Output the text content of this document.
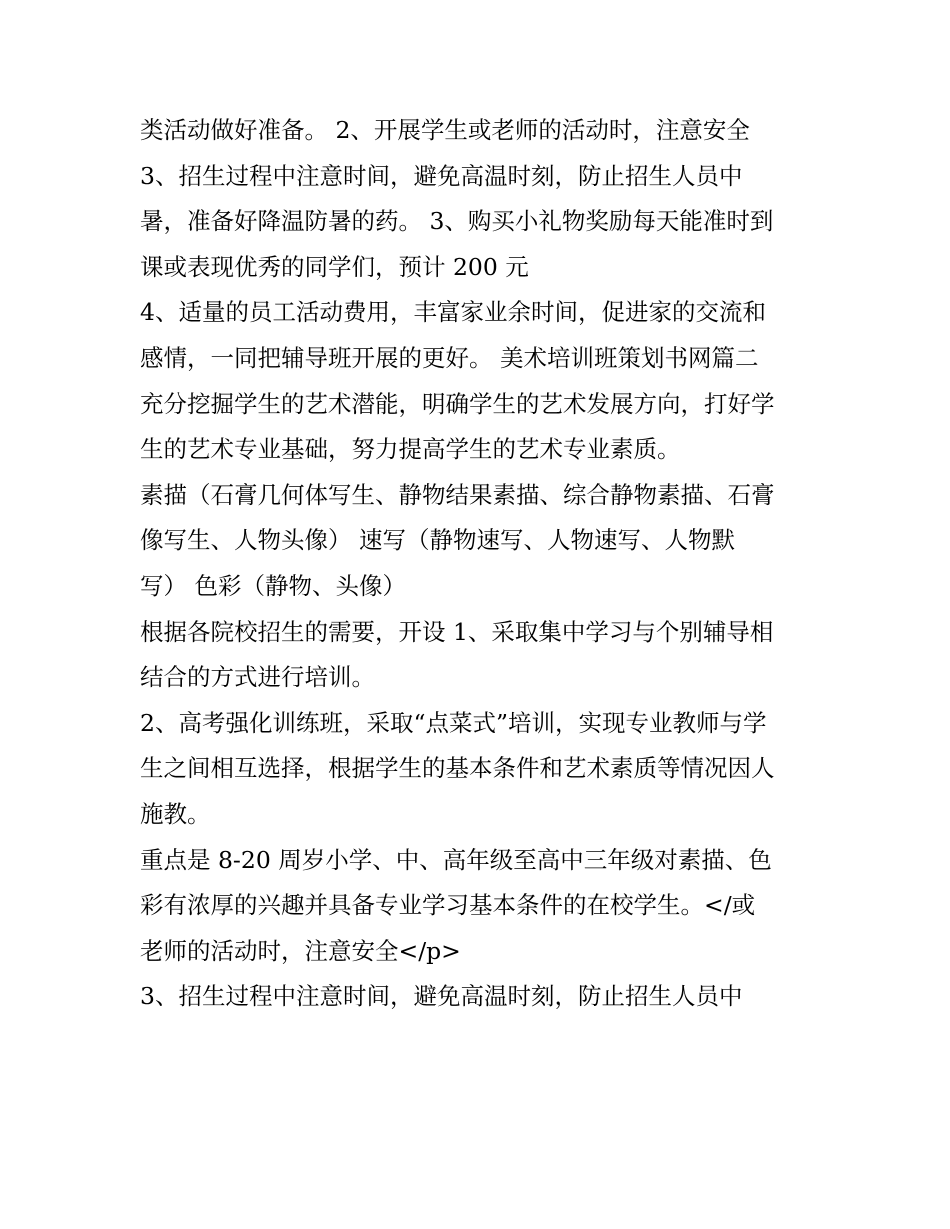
类活动做好准备。 2、开展学生或老师的活动时，注意安全
3、招生过程中注意时间，避免高温时刻，防止招生人员中
暑，准备好降温防暑的药。 3、购买小礼物奖励每天能准时到
课或表现优秀的同学们，预计 200 元
4、适量的员工活动费用，丰富家业余时间，促进家的交流和
感情，一同把辅导班开展的更好。 美术培训班策划书网篇二
充分挖掘学生的艺术潜能，明确学生的艺术发展方向，打好学
生的艺术专业基础，努力提高学生的艺术专业素质。
素描（石膏几何体写生、静物结果素描、综合静物素描、石膏
像写生、人物头像） 速写（静物速写、人物速写、人物默
写） 色彩（静物、头像）
根据各院校招生的需要，开设 1、采取集中学习与个别辅导相
结合的方式进行培训。
2、高考强化训练班，采取“点菜式”培训，实现专业教师与学
生之间相互选择，根据学生的基本条件和艺术素质等情况因人
施教。
重点是 8-20 周岁小学、中、高年级至高中三年级对素描、色
彩有浓厚的兴趣并具备专业学习基本条件的在校学生。</或
老师的活动时，注意安全</p>
3、招生过程中注意时间，避免高温时刻，防止招生人员中
